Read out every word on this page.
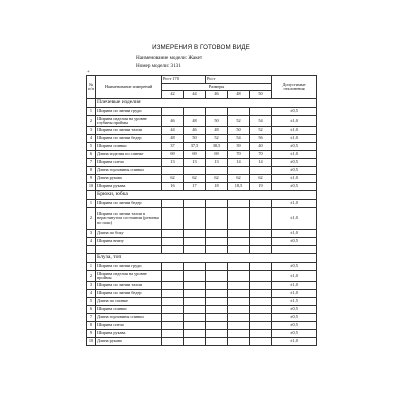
ИЗМЕРЕНИЯ В ГОТОВОМ ВИДЕ
Наименование модели: Жакет
Номер модели: 3131
+
№ п/п	Наименование измерений	Рост 170		Рост			Допустимые отклонения
		Размеры					
		42	44	46	48	50	
	Плечевые изделия						
1	Ширина по линии груди						±0,5
2	Ширина изделия на уровне глубины проймы	46	48	50	52	54	±1,0
3	Ширина по линии талии	44	46	48	50	52	±1,0
4	Ширина по линии бедер	48	50	52	54	56	±1,0
5	Ширина спинки	37	37,5	38,5	39	40	±0,5
6	Длина изделия по спинке	69	69	69	70	70	±1,0
7	Ширина плеча	13	13	13	14	14	±0,5
8	Длина горловины спинки						±0,5
9	Длина рукава	62	62	62	62	62	±1,0
10	Ширина рукава	16	17	18	18,5	19	±0,5
	Брюки, юбка						
1	Ширина по линии бедер						±1,0
2	Ширина по линии талии в нерастянутом состоянии (резинка по пояс)						±1,0
3	Длина по боку						±1,0
4	Ширина внизу						±0,5

	Блуза, топ						
1	Ширина по линии груди						±0,5
2	Ширина изделия на уровне проймы						±1,0
3	Ширина по линии талии						±1,0
4	Ширина по линии бедер						±1,0
5	Длина по спинке						±1,5
6	Ширина спинки						±0,5
7	Длина горловины спинки						±0,5
8	Ширина плеча						±0,5
9	Ширина рукава						±0,5
10	Длина рукава						±1,0
